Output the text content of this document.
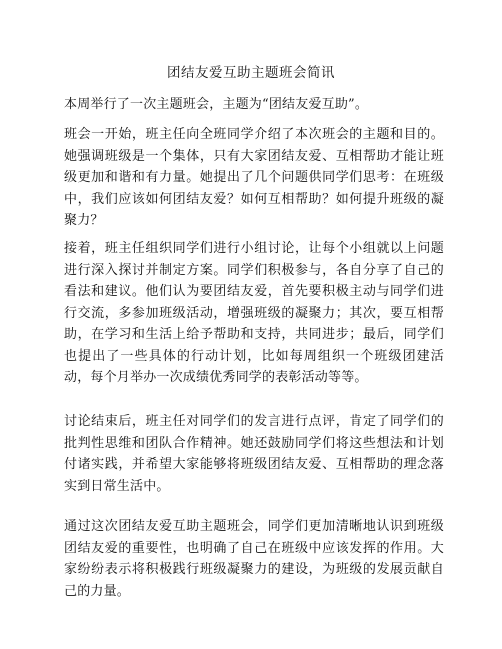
团结友爱互助主题班会简讯

本周举行了一次主题班会，主题为“团结友爱互助”。

班会一开始，班主任向全班同学介绍了本次班会的主题和目的。她强调班级是一个集体，只有大家团结友爱、互相帮助才能让班级更加和谐和有力量。她提出了几个问题供同学们思考：在班级中，我们应该如何团结友爱？如何互相帮助？如何提升班级的凝聚力？

接着，班主任组织同学们进行小组讨论，让每个小组就以上问题进行深入探讨并制定方案。同学们积极参与，各自分享了自己的看法和建议。他们认为要团结友爱，首先要积极主动与同学们进行交流，多参加班级活动，增强班级的凝聚力；其次，要互相帮助，在学习和生活上给予帮助和支持，共同进步；最后，同学们也提出了一些具体的行动计划，比如每周组织一个班级团建活动，每个月举办一次成绩优秀同学的表彰活动等等。

讨论结束后，班主任对同学们的发言进行点评，肯定了同学们的批判性思维和团队合作精神。她还鼓励同学们将这些想法和计划付诸实践，并希望大家能够将班级团结友爱、互相帮助的理念落实到日常生活中。

通过这次团结友爱互助主题班会，同学们更加清晰地认识到班级团结友爱的重要性，也明确了自己在班级中应该发挥的作用。大家纷纷表示将积极践行班级凝聚力的建设，为班级的发展贡献自己的力量。
